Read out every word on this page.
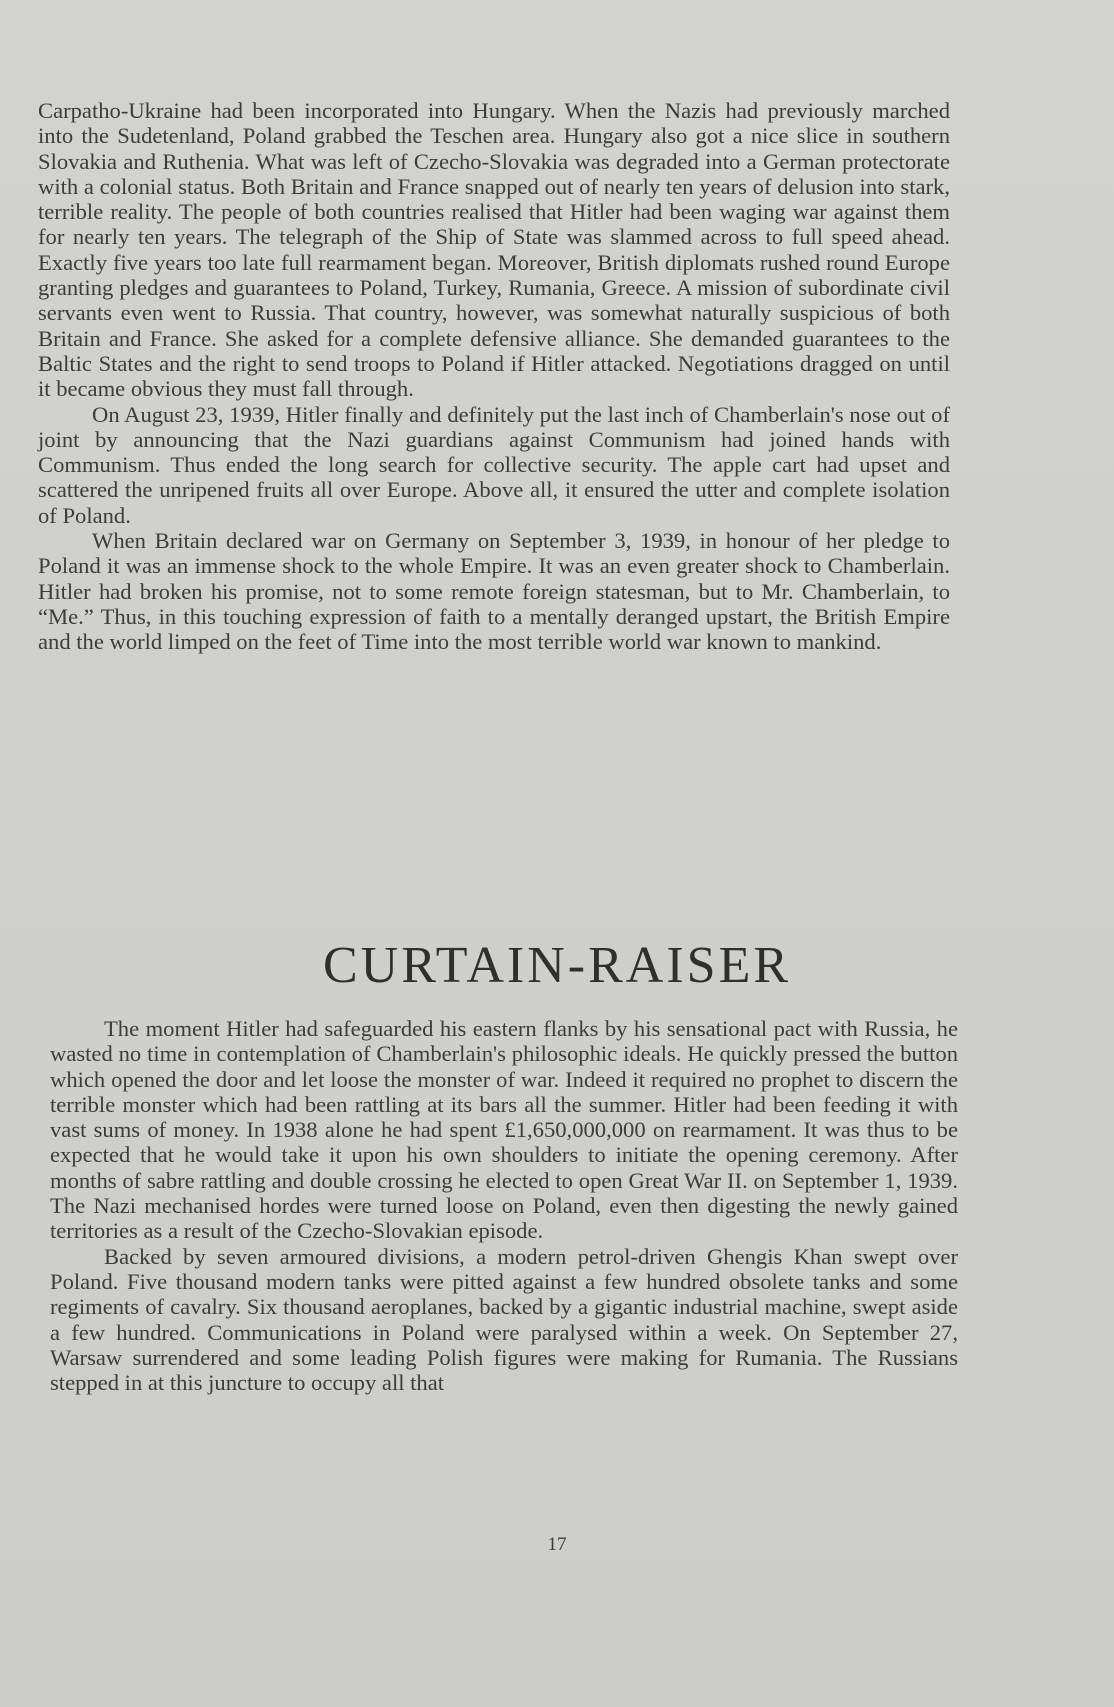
Carpatho-Ukraine had been incorporated into Hungary. When the Nazis had previously marched into the Sudetenland, Poland grabbed the Teschen area. Hungary also got a nice slice in southern Slovakia and Ruthenia. What was left of Czecho-Slovakia was degraded into a German protectorate with a colonial status. Both Britain and France snapped out of nearly ten years of delusion into stark, terrible reality. The people of both countries realised that Hitler had been waging war against them for nearly ten years. The telegraph of the Ship of State was slammed across to full speed ahead. Exactly five years too late full rearmament began. Moreover, British diplomats rushed round Europe granting pledges and guarantees to Poland, Turkey, Rumania, Greece. A mission of subordinate civil servants even went to Russia. That country, however, was somewhat naturally suspicious of both Britain and France. She asked for a complete defensive alliance. She demanded guarantees to the Baltic States and the right to send troops to Poland if Hitler attacked. Negotiations dragged on until it became obvious they must fall through.

On August 23, 1939, Hitler finally and definitely put the last inch of Chamberlain's nose out of joint by announcing that the Nazi guardians against Communism had joined hands with Communism. Thus ended the long search for collective security. The apple cart had upset and scattered the unripened fruits all over Europe. Above all, it ensured the utter and complete isolation of Poland.

When Britain declared war on Germany on September 3, 1939, in honour of her pledge to Poland it was an immense shock to the whole Empire. It was an even greater shock to Chamberlain. Hitler had broken his promise, not to some remote foreign statesman, but to Mr. Chamberlain, to “Me.” Thus, in this touching expression of faith to a mentally deranged upstart, the British Empire and the world limped on the feet of Time into the most terrible world war known to mankind.

CURTAIN-RAISER

The moment Hitler had safeguarded his eastern flanks by his sensational pact with Russia, he wasted no time in contemplation of Chamberlain's philosophic ideals. He quickly pressed the button which opened the door and let loose the monster of war. Indeed it required no prophet to discern the terrible monster which had been rattling at its bars all the summer. Hitler had been feeding it with vast sums of money. In 1938 alone he had spent £1,650,000,000 on rearmament. It was thus to be expected that he would take it upon his own shoulders to initiate the opening ceremony. After months of sabre rattling and double crossing he elected to open Great War II. on September 1, 1939. The Nazi mechanised hordes were turned loose on Poland, even then digesting the newly gained territories as a result of the Czecho-Slovakian episode.

Backed by seven armoured divisions, a modern petrol-driven Ghengis Khan swept over Poland. Five thousand modern tanks were pitted against a few hundred obsolete tanks and some regiments of cavalry. Six thousand aeroplanes, backed by a gigantic industrial machine, swept aside a few hundred. Communications in Poland were paralysed within a week. On September 27, Warsaw surrendered and some leading Polish figures were making for Rumania. The Russians stepped in at this juncture to occupy all that

17
